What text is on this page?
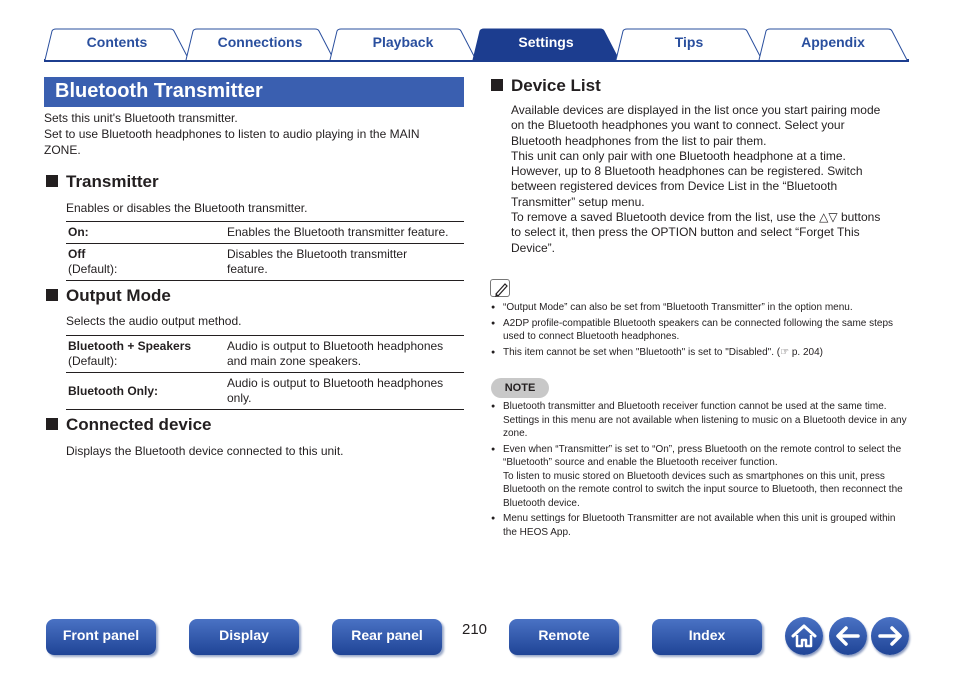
Contents	Connections	Playback	Settings	Tips	Appendix
Bluetooth Transmitter
Sets this unit's Bluetooth transmitter.
Set to use Bluetooth headphones to listen to audio playing in the MAIN
ZONE.
Transmitter
Enables or disables the Bluetooth transmitter.
On:	Enables the Bluetooth transmitter feature.
Off
(Default):	Disables the Bluetooth transmitter
feature.
Output Mode
Selects the audio output method.
Bluetooth + Speakers
(Default):	Audio is output to Bluetooth headphones
and main zone speakers.
Bluetooth Only:	Audio is output to Bluetooth headphones
only.
Connected device
Displays the Bluetooth device connected to this unit.
Device List
Available devices are displayed in the list once you start pairing mode
on the Bluetooth headphones you want to connect. Select your
Bluetooth headphones from the list to pair them.
This unit can only pair with one Bluetooth headphone at a time.
However, up to 8 Bluetooth headphones can be registered. Switch
between registered devices from Device List in the “Bluetooth
Transmitter” setup menu.
To remove a saved Bluetooth device from the list, use the △▽ buttons
to select it, then press the OPTION button and select “Forget This
Device”.
● “Output Mode” can also be set from “Bluetooth Transmitter” in the option menu.
● A2DP profile-compatible Bluetooth speakers can be connected following the same steps used to connect Bluetooth headphones.
● This item cannot be set when "Bluetooth" is set to "Disabled". (☞ p. 204)
NOTE
● Bluetooth transmitter and Bluetooth receiver function cannot be used at the same time. Settings in this menu are not available when listening to music on a Bluetooth device in any zone.
● Even when “Transmitter” is set to “On”, press Bluetooth on the remote control to select the “Bluetooth” source and enable the Bluetooth receiver function.
To listen to music stored on Bluetooth devices such as smartphones on this unit, press Bluetooth on the remote control to switch the input source to Bluetooth, then reconnect the Bluetooth device.
● Menu settings for Bluetooth Transmitter are not available when this unit is grouped within the HEOS App.
Front panel	Display	Rear panel	210	Remote	Index
